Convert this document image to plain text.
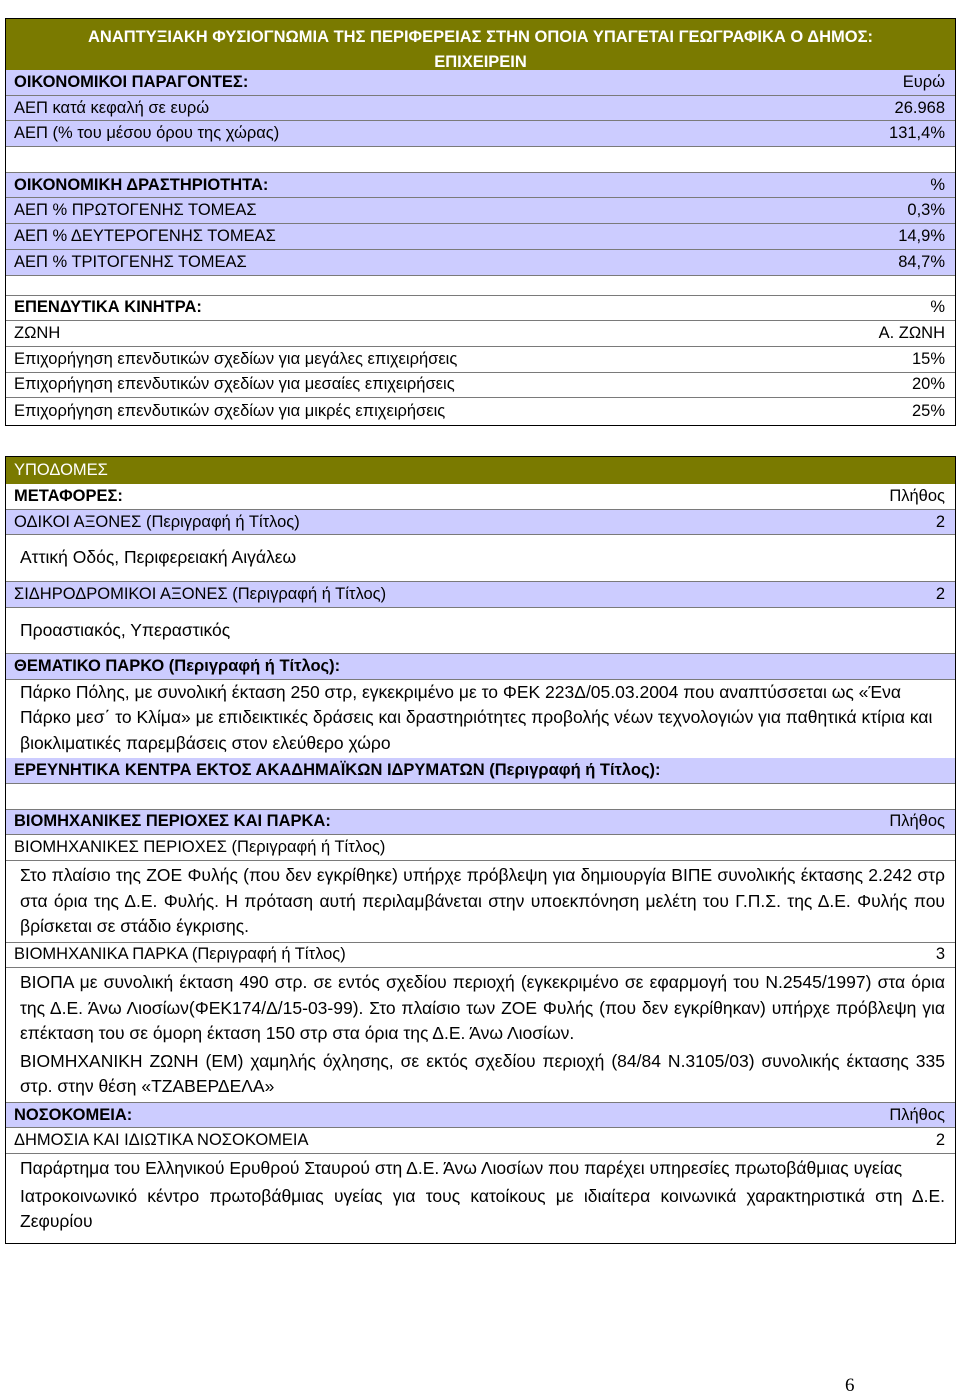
ΑΝΑΠΤΥΞΙΑΚΗ ΦΥΣΙΟΓΝΩΜΙΑ ΤΗΣ ΠΕΡΙΦΕΡΕΙΑΣ ΣΤΗΝ ΟΠΟΙΑ ΥΠΑΓΕΤΑΙ ΓΕΩΓΡΑΦΙΚΑ Ο ΔΗΜΟΣ:
ΕΠΙΧΕΙΡΕΙΝ
ΟΙΚΟΝΟΜΙΚΟΙ ΠΑΡΑΓΟΝΤΕΣ:	Ευρώ
ΑΕΠ κατά κεφαλή σε ευρώ	26.968
ΑΕΠ (% του μέσου όρου της χώρας)	131,4%
ΟΙΚΟΝΟΜΙΚΗ ΔΡΑΣΤΗΡΙΟΤΗΤΑ:	%
ΑΕΠ % ΠΡΩΤΟΓΕΝΗΣ ΤΟΜΕΑΣ	0,3%
ΑΕΠ % ΔΕΥΤΕΡΟΓΕΝΗΣ ΤΟΜΕΑΣ	14,9%
ΑΕΠ % ΤΡΙΤΟΓΕΝΗΣ ΤΟΜΕΑΣ	84,7%
ΕΠΕΝΔΥΤΙΚΑ ΚΙΝΗΤΡΑ:	%
ΖΩΝΗ	Α. ΖΩΝΗ
Επιχορήγηση επενδυτικών σχεδίων για μεγάλες επιχειρήσεις	15%
Επιχορήγηση επενδυτικών σχεδίων για μεσαίες επιχειρήσεις	20%
Επιχορήγηση επενδυτικών σχεδίων για μικρές επιχειρήσεις	25%
ΥΠΟΔΟΜΕΣ
ΜΕΤΑΦΟΡΕΣ:	Πλήθος
ΟΔΙΚΟΙ ΑΞΟΝΕΣ (Περιγραφή ή Τίτλος)	2
Αττική Οδός, Περιφερειακή Αιγάλεω
ΣΙΔΗΡΟΔΡΟΜΙΚΟΙ ΑΞΟΝΕΣ (Περιγραφή ή Τίτλος)	2
Προαστιακός, Υπεραστικός
ΘΕΜΑΤΙΚΟ ΠΑΡΚΟ (Περιγραφή ή Τίτλος):
Πάρκο Πόλης, με συνολική έκταση 250 στρ, εγκεκριμένο με το ΦΕΚ 223Δ/05.03.2004 που αναπτύσσεται ως «Ένα Πάρκο μεσ΄ το Κλίμα» με επιδεικτικές δράσεις και δραστηριότητες προβολής νέων τεχνολογιών για παθητικά κτίρια και βιοκλιματικές παρεμβάσεις στον ελεύθερο χώρο
ΕΡΕΥΝΗΤΙΚΑ ΚΕΝΤΡΑ ΕΚΤΟΣ ΑΚΑΔΗΜΑΪΚΩΝ ΙΔΡΥΜΑΤΩΝ (Περιγραφή ή Τίτλος):
ΒΙΟΜΗΧΑΝΙΚΕΣ ΠΕΡΙΟΧΕΣ ΚΑΙ ΠΑΡΚΑ:	Πλήθος
ΒΙΟΜΗΧΑΝΙΚΕΣ ΠΕΡΙΟΧΕΣ (Περιγραφή ή Τίτλος)
Στο πλαίσιο της ΖΟΕ Φυλής (που δεν εγκρίθηκε) υπήρχε πρόβλεψη για δημιουργία ΒΙΠΕ συνολικής έκτασης 2.242 στρ στα όρια της Δ.Ε. Φυλής. Η πρόταση αυτή περιλαμβάνεται στην υποεκπόνηση μελέτη του Γ.Π.Σ. της Δ.Ε. Φυλής που βρίσκεται σε στάδιο έγκρισης.
ΒΙΟΜΗΧΑΝΙΚΑ ΠΑΡΚΑ (Περιγραφή ή Τίτλος)	3
ΒΙΟΠΑ με συνολική έκταση 490 στρ. σε εντός σχεδίου περιοχή (εγκεκριμένο σε εφαρμογή του Ν.2545/1997) στα όρια της Δ.Ε. Άνω Λιοσίων(ΦΕΚ174/Δ/15-03-99). Στο πλαίσιο των ΖΟΕ Φυλής (που δεν εγκρίθηκαν) υπήρχε πρόβλεψη για επέκταση του σε όμορη έκταση 150 στρ στα όρια της Δ.Ε. Άνω Λιοσίων.
ΒΙΟΜΗΧΑΝΙΚΗ ΖΩΝΗ (ΕΜ) χαμηλής όχλησης, σε εκτός σχεδίου περιοχή (84/84 Ν.3105/03) συνολικής έκτασης 335 στρ. στην θέση «ΤΖΑΒΕΡΔΕΛΑ»
ΝΟΣΟΚΟΜΕΙΑ:	Πλήθος
ΔΗΜΟΣΙΑ ΚΑΙ ΙΔΙΩΤΙΚΑ ΝΟΣΟΚΟΜΕΙΑ	2
Παράρτημα του Ελληνικού Ερυθρού Σταυρού στη Δ.Ε. Άνω Λιοσίων που παρέχει υπηρεσίες πρωτοβάθμιας υγείας
Ιατροκοινωνικό κέντρο πρωτοβάθμιας υγείας για τους κατοίκους με ιδιαίτερα κοινωνικά χαρακτηριστικά στη Δ.Ε. Ζεφυρίου
6
